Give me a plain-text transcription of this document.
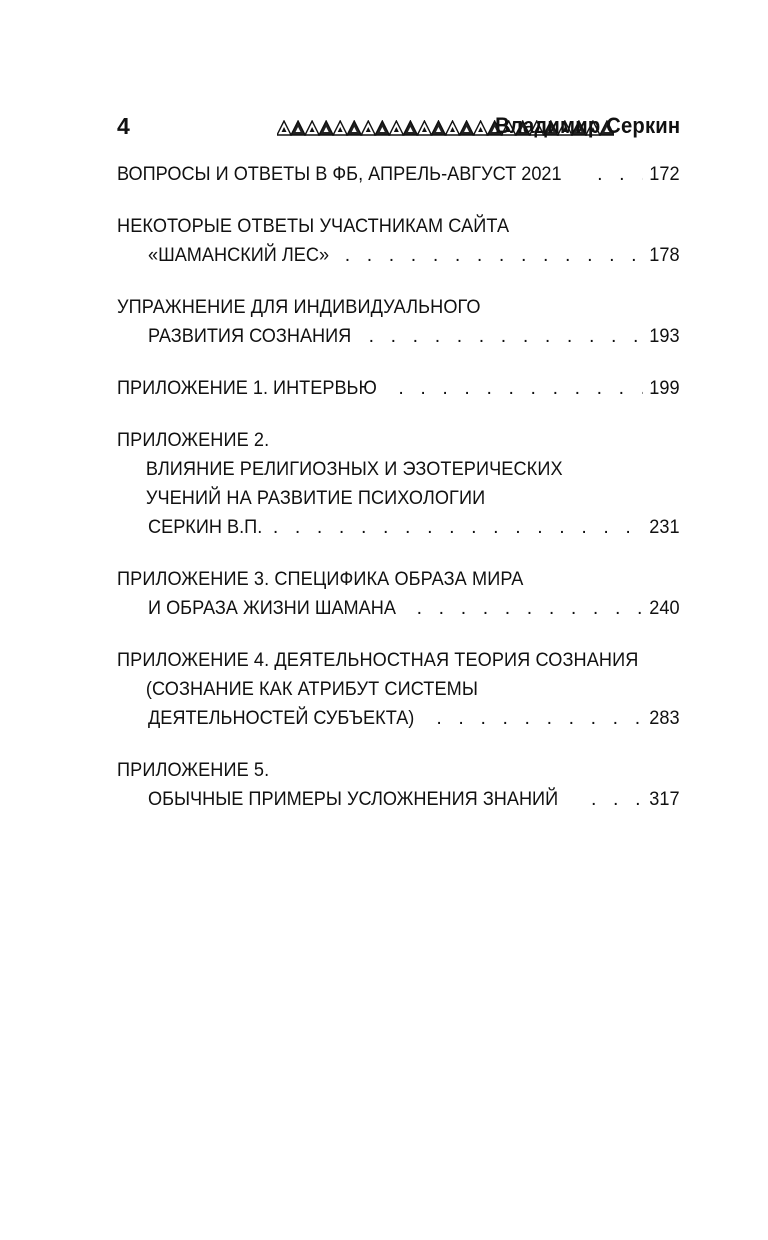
4	Владимир Серкин
ВОПРОСЫ И ОТВЕТЫ В ФБ, АПРЕЛЬ-АВГУСТ 2021 . . .	172
НЕКОТОРЫЕ ОТВЕТЫ УЧАСТНИКАМ САЙТА
«ШАМАНСКИЙ ЛЕС» . . .	178
УПРАЖНЕНИЕ ДЛЯ ИНДИВИДУАЛЬНОГО
РАЗВИТИЯ СОЗНАНИЯ . . .	193
ПРИЛОЖЕНИЕ 1. ИНТЕРВЬЮ . . .	199
ПРИЛОЖЕНИЕ 2.
ВЛИЯНИЕ РЕЛИГИОЗНЫХ И ЭЗОТЕРИЧЕСКИХ
УЧЕНИЙ НА РАЗВИТИЕ ПСИХОЛОГИИ
СЕРКИН В.П. . . .	231
ПРИЛОЖЕНИЕ 3. СПЕЦИФИКА ОБРАЗА МИРА
И ОБРАЗА ЖИЗНИ ШАМАНА . . .	240
ПРИЛОЖЕНИЕ 4. ДЕЯТЕЛЬНОСТНАЯ ТЕОРИЯ СОЗНАНИЯ
(СОЗНАНИЕ КАК АТРИБУТ СИСТЕМЫ
ДЕЯТЕЛЬНОСТЕЙ СУБЪЕКТА) . . .	283
ПРИЛОЖЕНИЕ 5.
ОБЫЧНЫЕ ПРИМЕРЫ УСЛОЖНЕНИЯ ЗНАНИЙ . . .	317
